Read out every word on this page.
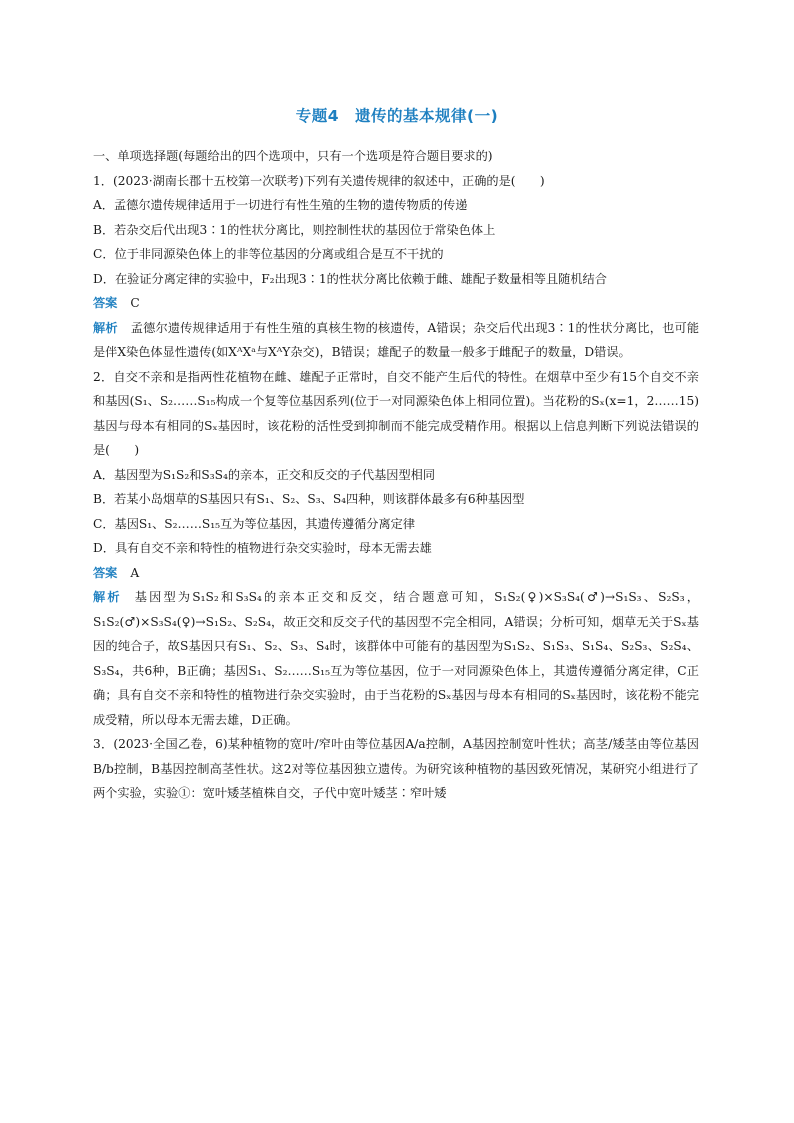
专题4　遗传的基本规律(一)

一、单项选择题(每题给出的四个选项中，只有一个选项是符合题目要求的)

1．(2023·湖南长郡十五校第一次联考)下列有关遗传规律的叙述中，正确的是(　　)

A．孟德尔遗传规律适用于一切进行有性生殖的生物的遗传物质的传递

B．若杂交后代出现3∶1的性状分离比，则控制性状的基因位于常染色体上

C．位于非同源染色体上的非等位基因的分离或组合是互不干扰的

D．在验证分离定律的实验中，F₂出现3∶1的性状分离比依赖于雌、雄配子数量相等且随机结合

答案 C

解析 孟德尔遗传规律适用于有性生殖的真核生物的核遗传，A错误；杂交后代出现3∶1的性状分离比，也可能是伴X染色体显性遗传(如XᴬXᵃ与XᴬY杂交)，B错误；雄配子的数量一般多于雌配子的数量，D错误。

2．自交不亲和是指两性花植物在雌、雄配子正常时，自交不能产生后代的特性。在烟草中至少有15个自交不亲和基因(S₁、S₂……S₁₅构成一个复等位基因系列(位于一对同源染色体上相同位置)。当花粉的Sₓ(x=1，2……15)基因与母本有相同的Sₓ基因时，该花粉的活性受到抑制而不能完成受精作用。根据以上信息判断下列说法错误的是(　　)

A．基因型为S₁S₂和S₃S₄的亲本，正交和反交的子代基因型相同

B．若某小岛烟草的S基因只有S₁、S₂、S₃、S₄四种，则该群体最多有6种基因型

C．基因S₁、S₂……S₁₅互为等位基因，其遗传遵循分离定律

D．具有自交不亲和特性的植物进行杂交实验时，母本无需去雄

答案 A

解析 基因型为S₁S₂和S₃S₄的亲本正交和反交，结合题意可知，S₁S₂(♀)×S₃S₄(♂)→S₁S₃、S₂S₃，S₁S₂(♂)×S₃S₄(♀)→S₁S₂、S₂S₄，故正交和反交子代的基因型不完全相同，A错误；分析可知，烟草无关于Sₓ基因的纯合子，故S基因只有S₁、S₂、S₃、S₄时，该群体中可能有的基因型为S₁S₂、S₁S₃、S₁S₄、S₂S₃、S₂S₄、S₃S₄，共6种，B正确；基因S₁、S₂……S₁₅互为等位基因，位于一对同源染色体上，其遗传遵循分离定律，C正确；具有自交不亲和特性的植物进行杂交实验时，由于当花粉的Sₓ基因与母本有相同的Sₓ基因时，该花粉不能完成受精，所以母本无需去雄，D正确。

3．(2023·全国乙卷，6)某种植物的宽叶/窄叶由等位基因A/a控制，A基因控制宽叶性状；高茎/矮茎由等位基因B/b控制，B基因控制高茎性状。这2对等位基因独立遗传。为研究该种植物的基因致死情况，某研究小组进行了两个实验，实验①：宽叶矮茎植株自交，子代中宽叶矮茎∶窄叶矮
